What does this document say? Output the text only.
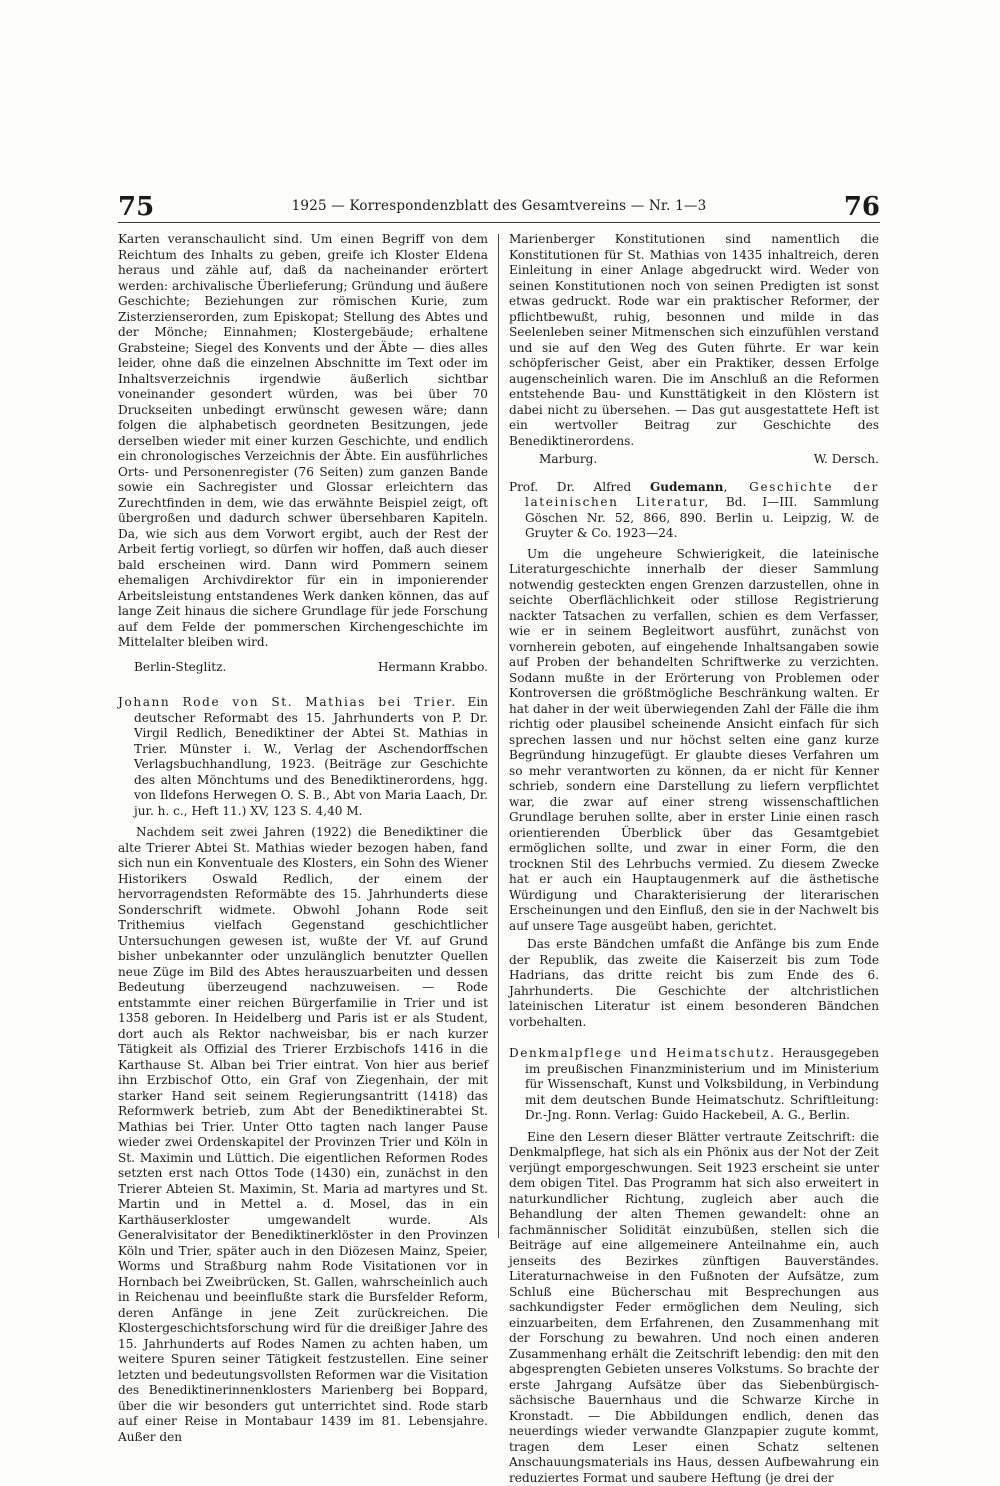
75	1925 — Korrespondenzblatt des Gesamtvereins — Nr. 1—3	76

Karten veranschaulicht sind. Um einen Begriff von dem Reichtum des Inhalts zu geben, greife ich Kloster Eldena heraus und zähle auf, daß da nacheinander erörtert werden: archivalische Überlieferung; Gründung und äußere Geschichte; Beziehungen zur römischen Kurie, zum Zisterzienserorden, zum Episkopat; Stellung des Abtes und der Mönche; Einnahmen; Klostergebäude; erhaltene Grabsteine; Siegel des Konvents und der Äbte — dies alles leider, ohne daß die einzelnen Abschnitte im Text oder im Inhaltsverzeichnis irgendwie äußerlich sichtbar voneinander gesondert würden, was bei über 70 Druckseiten unbedingt erwünscht gewesen wäre; dann folgen die alphabetisch geordneten Besitzungen, jede derselben wieder mit einer kurzen Geschichte, und endlich ein chronologisches Verzeichnis der Äbte. Ein ausführliches Orts- und Personenregister (76 Seiten) zum ganzen Bande sowie ein Sachregister und Glossar erleichtern das Zurechtfinden in dem, wie das erwähnte Beispiel zeigt, oft übergroßen und dadurch schwer übersehbaren Kapiteln. Da, wie sich aus dem Vorwort ergibt, auch der Rest der Arbeit fertig vorliegt, so dürfen wir hoffen, daß auch dieser bald erscheinen wird. Dann wird Pommern seinem ehemaligen Archivdirektor für ein in imponierender Arbeitsleistung entstandenes Werk danken können, das auf lange Zeit hinaus die sichere Grundlage für jede Forschung auf dem Felde der pommerschen Kirchengeschichte im Mittelalter bleiben wird.

Berlin-Steglitz.	Hermann Krabbo.

Johann Rode von St. Mathias bei Trier. Ein deutscher Reformabt des 15. Jahrhunderts von P. Dr. Virgil Redlich, Benediktiner der Abtei St. Mathias in Trier. Münster i. W., Verlag der Aschendorffschen Verlagsbuchhandlung, 1923. (Beiträge zur Geschichte des alten Mönchtums und des Benediktinerordens, hgg. von Ildefons Herwegen O. S. B., Abt von Maria Laach, Dr. jur. h. c., Heft 11.) XV, 123 S. 4,40 M.

Nachdem seit zwei Jahren (1922) die Benediktiner die alte Trierer Abtei St. Mathias wieder bezogen haben, fand sich nun ein Konventuale des Klosters, ein Sohn des Wiener Historikers Oswald Redlich, der einem der hervorragendsten Reformäbte des 15. Jahrhunderts diese Sonderschrift widmete. Obwohl Johann Rode seit Trithemius vielfach Gegenstand geschichtlicher Untersuchungen gewesen ist, wußte der Vf. auf Grund bisher unbekannter oder unzulänglich benutzter Quellen neue Züge im Bild des Abtes herauszuarbeiten und dessen Bedeutung überzeugend nachzuweisen. — Rode entstammte einer reichen Bürgerfamilie in Trier und ist 1358 geboren. In Heidelberg und Paris ist er als Student, dort auch als Rektor nachweisbar, bis er nach kurzer Tätigkeit als Offizial des Trierer Erzbischofs 1416 in die Karthause St. Alban bei Trier eintrat. Von hier aus berief ihn Erzbischof Otto, ein Graf von Ziegenhain, der mit starker Hand seit seinem Regierungsantritt (1418) das Reformwerk betrieb, zum Abt der Benediktinerabtei St. Mathias bei Trier. Unter Otto tagten nach langer Pause wieder zwei Ordenskapitel der Provinzen Trier und Köln in St. Maximin und Lüttich. Die eigentlichen Reformen Rodes setzten erst nach Ottos Tode (1430) ein, zunächst in den Trierer Abteien St. Maximin, St. Maria ad martyres und St. Martin und in Mettel a. d. Mosel, das in ein Karthäuserkloster umgewandelt wurde. Als Generalvisitator der Benediktinerklöster in den Provinzen Köln und Trier, später auch in den Diözesen Mainz, Speier, Worms und Straßburg nahm Rode Visitationen vor in Hornbach bei Zweibrücken, St. Gallen, wahrscheinlich auch in Reichenau und beeinflußte stark die Bursfelder Reform, deren Anfänge in jene Zeit zurückreichen. Die Klostergeschichtsforschung wird für die dreißiger Jahre des 15. Jahrhunderts auf Rodes Namen zu achten haben, um weitere Spuren seiner Tätigkeit festzustellen. Eine seiner letzten und bedeutungsvollsten Reformen war die Visitation des Benediktinerinnenklosters Marienberg bei Boppard, über die wir besonders gut unterrichtet sind. Rode starb auf einer Reise in Montabaur 1439 im 81. Lebensjahre. Außer den

Marienberger Konstitutionen sind namentlich die Konstitutionen für St. Mathias von 1435 inhaltreich, deren Einleitung in einer Anlage abgedruckt wird. Weder von seinen Konstitutionen noch von seinen Predigten ist sonst etwas gedruckt. Rode war ein praktischer Reformer, der pflichtbewußt, ruhig, besonnen und milde in das Seelenleben seiner Mitmenschen sich einzufühlen verstand und sie auf den Weg des Guten führte. Er war kein schöpferischer Geist, aber ein Praktiker, dessen Erfolge augenscheinlich waren. Die im Anschluß an die Reformen entstehende Bau- und Kunsttätigkeit in den Klöstern ist dabei nicht zu übersehen. — Das gut ausgestattete Heft ist ein wertvoller Beitrag zur Geschichte des Benediktinerordens.

Marburg.	W. Dersch.

Prof. Dr. Alfred Gudemann, Geschichte der lateinischen Literatur, Bd. I—III. Sammlung Göschen Nr. 52, 866, 890. Berlin u. Leipzig, W. de Gruyter & Co. 1923—24.

Um die ungeheure Schwierigkeit, die lateinische Literaturgeschichte innerhalb der dieser Sammlung notwendig gesteckten engen Grenzen darzustellen, ohne in seichte Oberflächlichkeit oder stillose Registrierung nackter Tatsachen zu verfallen, schien es dem Verfasser, wie er in seinem Begleitwort ausführt, zunächst von vornherein geboten, auf eingehende Inhaltsangaben sowie auf Proben der behandelten Schriftwerke zu verzichten. Sodann mußte in der Erörterung von Problemen oder Kontroversen die größtmögliche Beschränkung walten. Er hat daher in der weit überwiegenden Zahl der Fälle die ihm richtig oder plausibel scheinende Ansicht einfach für sich sprechen lassen und nur höchst selten eine ganz kurze Begründung hinzugefügt. Er glaubte dieses Verfahren um so mehr verantworten zu können, da er nicht für Kenner schrieb, sondern eine Darstellung zu liefern verpflichtet war, die zwar auf einer streng wissenschaftlichen Grundlage beruhen sollte, aber in erster Linie einen rasch orientierenden Überblick über das Gesamtgebiet ermöglichen sollte, und zwar in einer Form, die den trocknen Stil des Lehrbuchs vermied. Zu diesem Zwecke hat er auch ein Hauptaugenmerk auf die ästhetische Würdigung und Charakterisierung der literarischen Erscheinungen und den Einfluß, den sie in der Nachwelt bis auf unsere Tage ausgeübt haben, gerichtet.

Das erste Bändchen umfaßt die Anfänge bis zum Ende der Republik, das zweite die Kaiserzeit bis zum Tode Hadrians, das dritte reicht bis zum Ende des 6. Jahrhunderts. Die Geschichte der altchristlichen lateinischen Literatur ist einem besonderen Bändchen vorbehalten.

Denkmalpflege und Heimatschutz. Herausgegeben im preußischen Finanzministerium und im Ministerium für Wissenschaft, Kunst und Volksbildung, in Verbindung mit dem deutschen Bunde Heimatschutz. Schriftleitung: Dr.-Jng. Ronn. Verlag: Guido Hackebeil, A. G., Berlin.

Eine den Lesern dieser Blätter vertraute Zeitschrift: die Denkmalpflege, hat sich als ein Phönix aus der Not der Zeit verjüngt emporgeschwungen. Seit 1923 erscheint sie unter dem obigen Titel. Das Programm hat sich also erweitert in naturkundlicher Richtung, zugleich aber auch die Behandlung der alten Themen gewandelt: ohne an fachmännischer Solidität einzubüßen, stellen sich die Beiträge auf eine allgemeinere Anteilnahme ein, auch jenseits des Bezirkes zünftigen Bauverständes. Literaturnachweise in den Fußnoten der Aufsätze, zum Schluß eine Bücherschau mit Besprechungen aus sachkundigster Feder ermöglichen dem Neuling, sich einzuarbeiten, dem Erfahrenen, den Zusammenhang mit der Forschung zu bewahren. Und noch einen anderen Zusammenhang erhält die Zeitschrift lebendig: den mit den abgesprengten Gebieten unseres Volkstums. So brachte der erste Jahrgang Aufsätze über das Siebenbürgisch-sächsische Bauernhaus und die Schwarze Kirche in Kronstadt. — Die Abbildungen endlich, denen das neuerdings wieder verwandte Glanzpapier zugute kommt, tragen dem Leser einen Schatz seltenen Anschauungsmaterials ins Haus, dessen Aufbewahrung ein reduziertes Format und saubere Heftung (je drei der
